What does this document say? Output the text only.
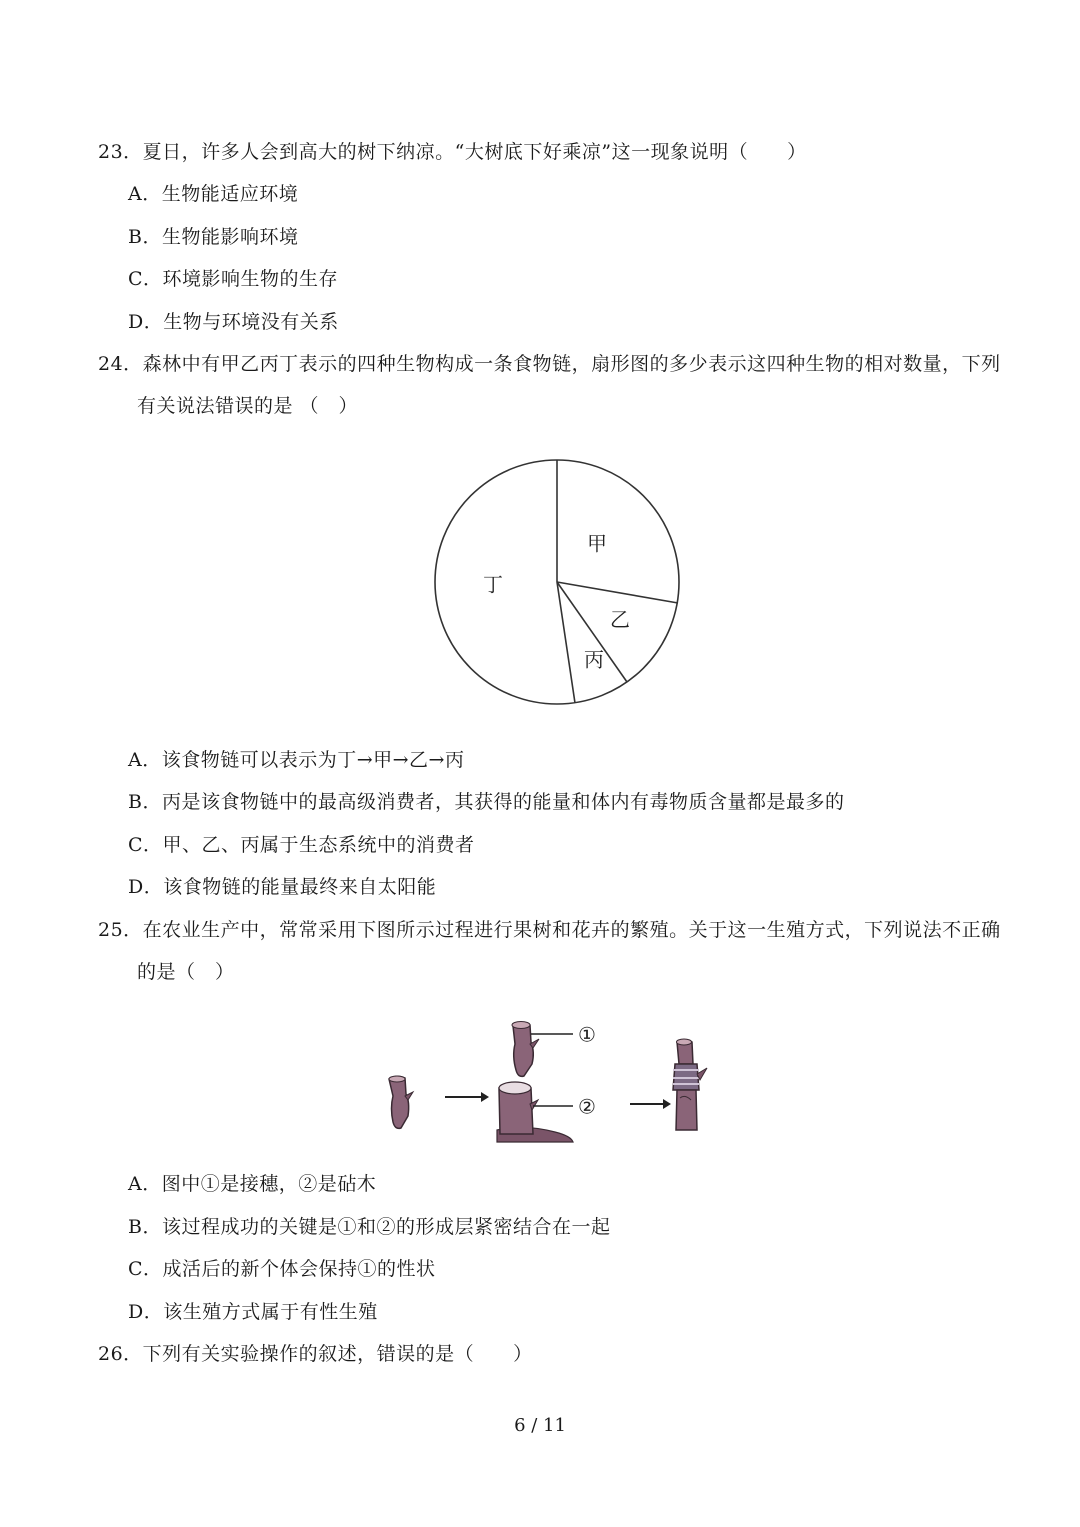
23．夏日，许多人会到高大的树下纳凉。“大树底下好乘凉”这一现象说明（　　）
A．生物能适应环境
B．生物能影响环境
C．环境影响生物的生存
D．生物与环境没有关系
24．森林中有甲乙丙丁表示的四种生物构成一条食物链，扇形图的多少表示这四种生物的相对数量，下列
有关说法错误的是 （　）
甲
乙
丙
丁
A．该食物链可以表示为丁→甲→乙→丙
B．丙是该食物链中的最高级消费者，其获得的能量和体内有毒物质含量都是最多的
C．甲、乙、丙属于生态系统中的消费者
D．该食物链的能量最终来自太阳能
25．在农业生产中，常常采用下图所示过程进行果树和花卉的繁殖。关于这一生殖方式，下列说法不正确
的是（　）
①
②
A．图中①是接穗，②是砧木
B．该过程成功的关键是①和②的形成层紧密结合在一起
C．成活后的新个体会保持①的性状
D．该生殖方式属于有性生殖
26．下列有关实验操作的叙述，错误的是（　　）
6 / 11
